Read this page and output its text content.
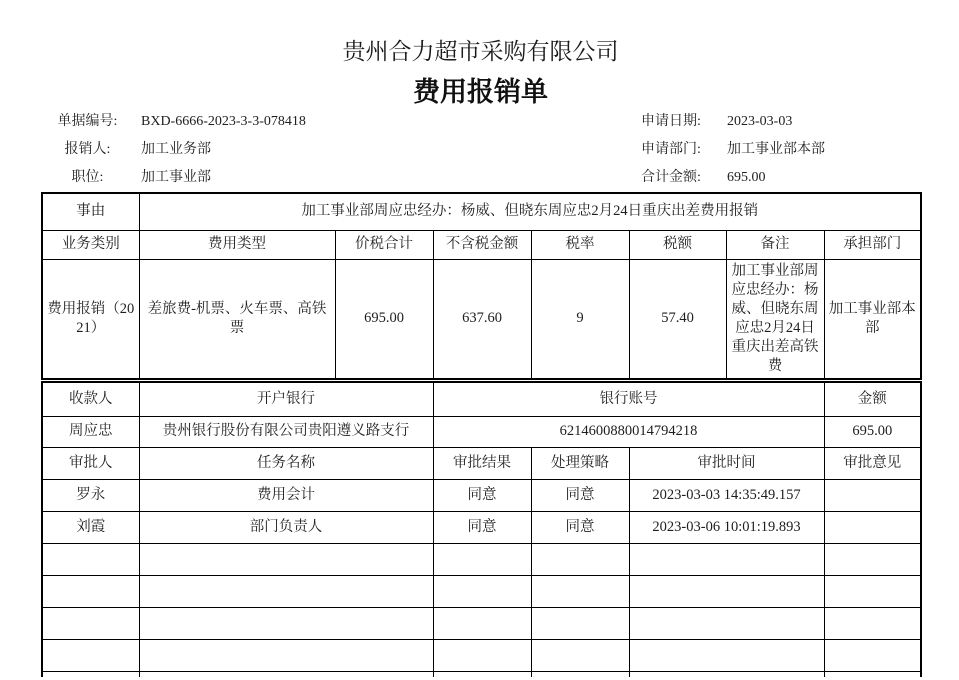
贵州合力超市采购有限公司
费用报销单
单据编号:	BXD-6666-2023-3-3-078418	申请日期: 2023-03-03
报销人:	加工业务部	申请部门: 加工事业部本部
职位:	加工事业部	合计金额: 695.00
事由	加工事业部周应忠经办：杨威、但晓东周应忠2月24日重庆出差费用报销						
业务类别	费用类型	价税合计	不含税金额	税率	税额	备注	承担部门
费用报销（2021）	差旅费-机票、火车票、高铁票	695.00	637.60	9	57.40	加工事业部周应忠经办：杨威、但晓东周应忠2月24日重庆出差高铁费	加工事业部本部
收款人	开户银行	银行账号			金额
周应忠	贵州银行股份有限公司贵阳遵义路支行	6214600880014794218			695.00
审批人	任务名称	审批结果	处理策略	审批时间	审批意见
罗永	费用会计	同意	同意	2023-03-03 14:35:49.157	
刘霞	部门负责人	同意	同意	2023-03-06 10:01:19.893	
